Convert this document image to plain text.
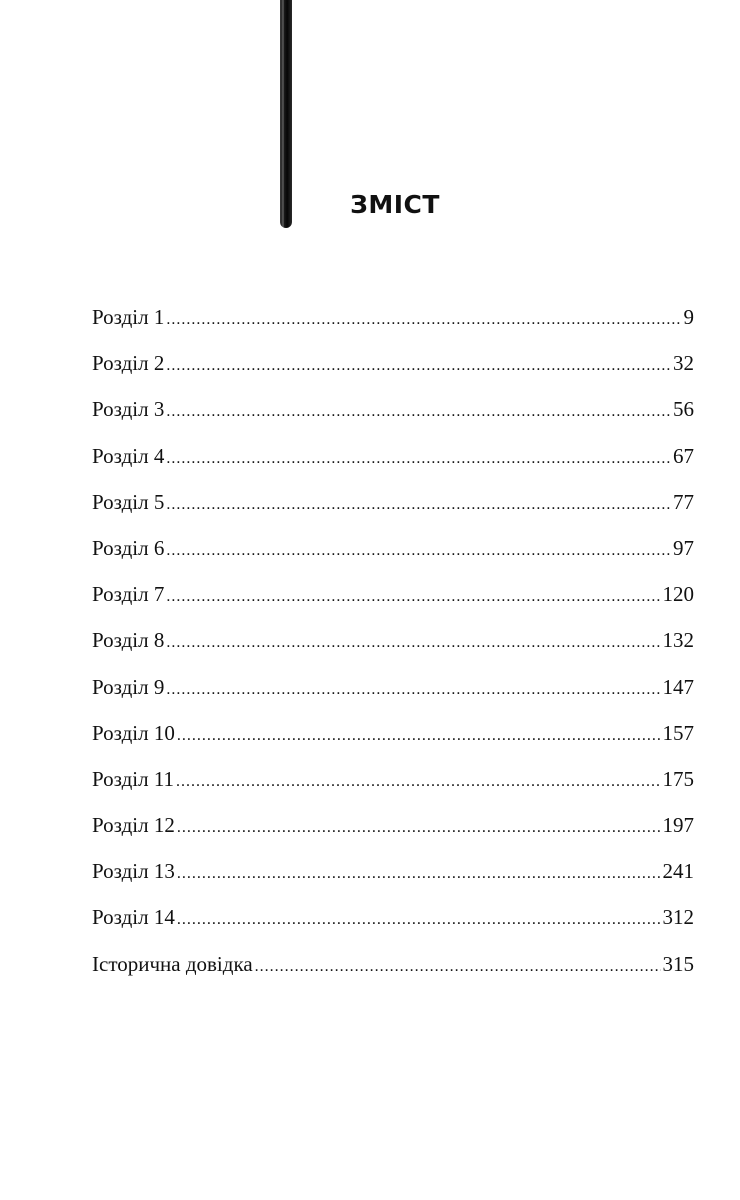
ЗМІСТ
Розділ 1 .....	9
Розділ 2 .....	32
Розділ 3 .....	56
Розділ 4 .....	67
Розділ 5 .....	77
Розділ 6 .....	97
Розділ 7 .....	120
Розділ 8 .....	132
Розділ 9 .....	147
Розділ 10 .....	157
Розділ 11 .....	175
Розділ 12 .....	197
Розділ 13 .....	241
Розділ 14 .....	312
Історична довідка .....	315
